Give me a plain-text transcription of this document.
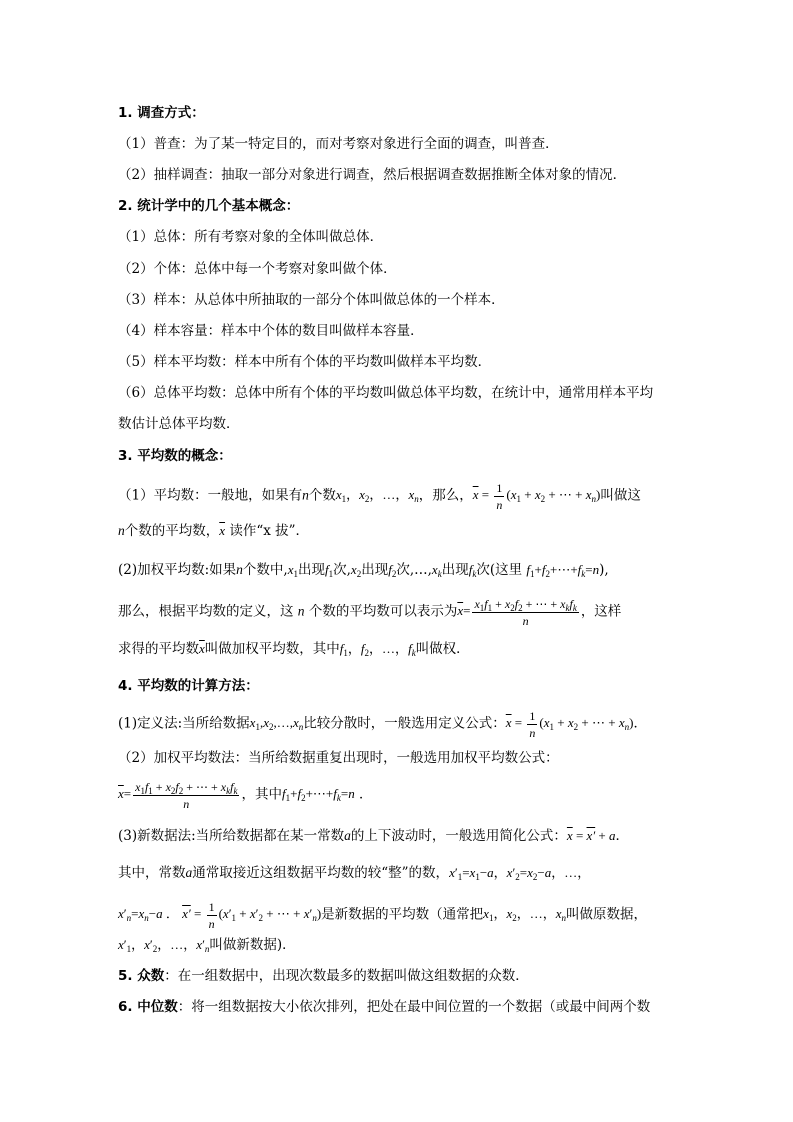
1. 调查方式：
（1）普查：为了某一特定目的，而对考察对象进行全面的调查，叫普查．
（2）抽样调查：抽取一部分对象进行调查，然后根据调查数据推断全体对象的情况．
2. 统计学中的几个基本概念：
（1）总体：所有考察对象的全体叫做总体．
（2）个体：总体中每一个考察对象叫做个体．
（3）样本：从总体中所抽取的一部分个体叫做总体的一个样本．
（4）样本容量：样本中个体的数目叫做样本容量．
（5）样本平均数：样本中所有个体的平均数叫做样本平均数．
（6）总体平均数：总体中所有个体的平均数叫做总体平均数，在统计中，通常用样本平均
数估计总体平均数．
3. 平均数的概念：
（1）平均数：一般地，如果有n个数$x_1$，$x_2$，…，$x_n$，那么，$\overline{x} = \frac{1}{n} (x_1 + x_2$ + ⋯ + $x_n$)叫做这
n个数的平均数，$\overline{x}$ 读作“x 拔”．
(2)加权平均数:如果n个数中$,x_1$出现$f_1$次$,x_2$出现$f_2$次$,\dots,x_k$出现$f_k$次(这里 $f_1+f_2+\cdots+f_k=n$),
那么，根据平均数的定义，这 n 个数的平均数可以表示为$\overline{x}= \frac{x_1f_1 + x_2f_2 + \cdots + x_kf_k}{n}$ ，这样
求得的平均数$\overline{x}$叫做加权平均数，其中$f_1$，$f_2$，…，$f_k$叫做权．
4. 平均数的计算方法：
(1)定义法:当所给数据$x_1,x_2,\dots,x_n$比较分散时，一般选用定义公式：$\overline{x} = \frac{1}{n} (x_1 + x_2$ + ⋯ + $x_n$)．
（2）加权平均数法：当所给数据重复出现时，一般选用加权平均数公式：
$\overline{x}= \frac{x_1f_1 + x_2f_2 + \cdots + x_kf_k}{n}$ ，其中$f_1+f_2+\cdots+f_k=n$ ．
(3)新数据法:当所给数据都在某一常数a的上下波动时，一般选用简化公式：$\overline{x} = x' + a$．
其中，常数a通常取接近这组数据平均数的较“整”的数，$x'_1=x_1-a$，$x'_2=x_2-a$，…，
$x'_n=x_n-a$ ． $x' = \frac{1}{n} (x'_1 + x'_2$ + ⋯ + $x'_n$)是新数据的平均数（通常把$x_1$，$x_2$，…，$x_n$叫做原数据，
$x'_1$，$x'_2$，…，$x'_n$叫做新数据)．
5. 众数：在一组数据中，出现次数最多的数据叫做这组数据的众数．
6. 中位数：将一组数据按大小依次排列，把处在最中间位置的一个数据（或最中间两个数
